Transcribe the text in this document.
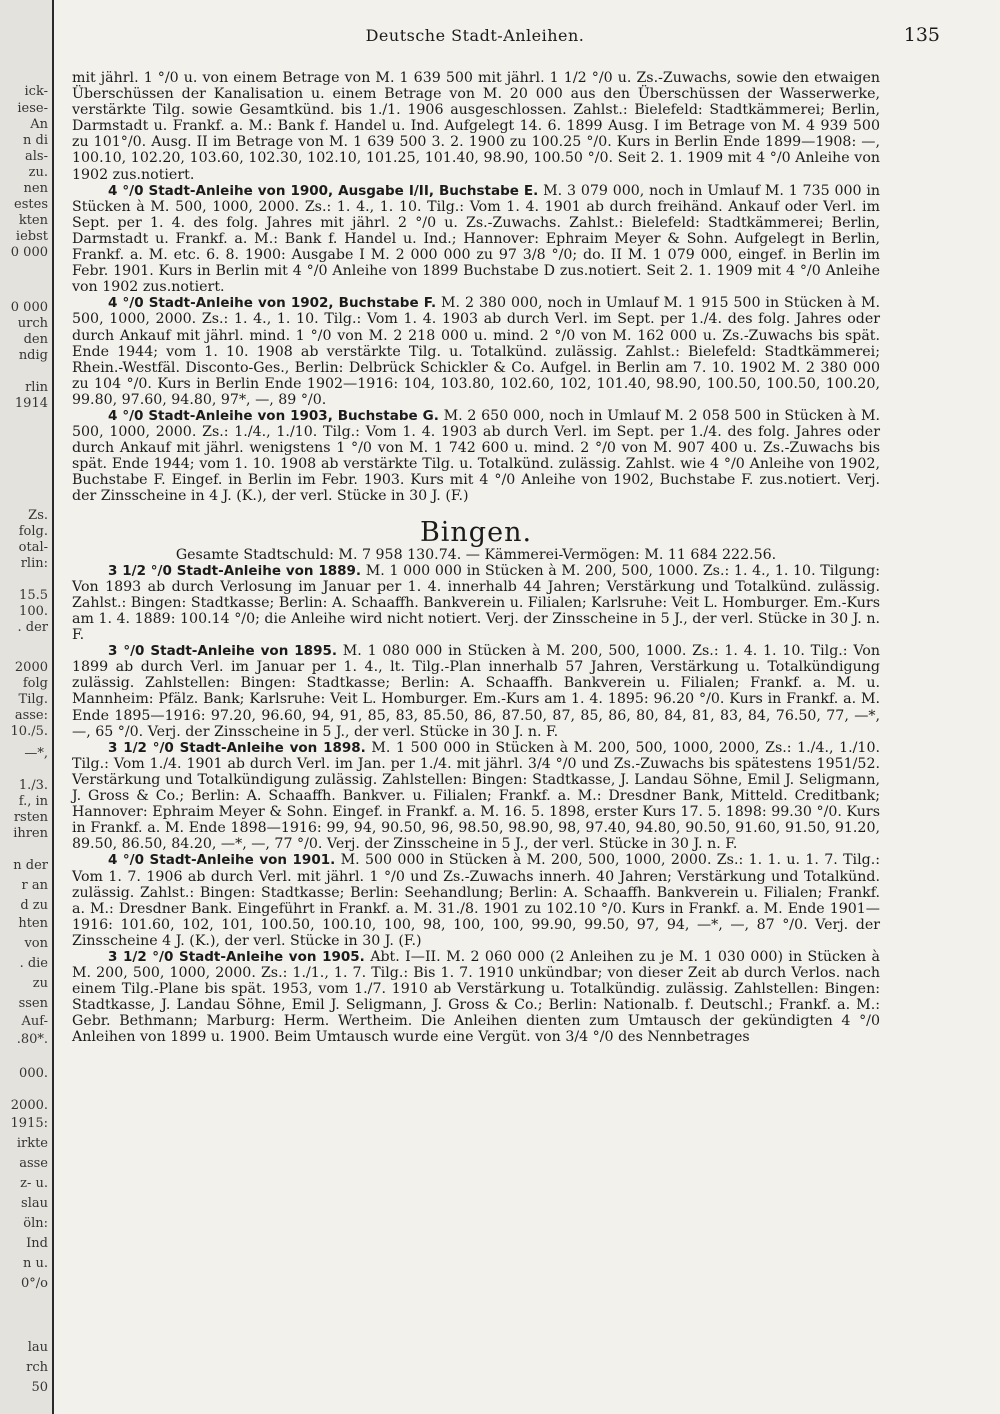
ick-
iese-
An
n di
als-
zu.
nen
estes
kten
iebst
0 000
0 000
urch
den
ndig
rlin
1914
Zs.
folg.
otal-
rlin:
15.5
100.
. der
2000
folg
Tilg.
asse:
10./5.
—*,
1./3.
f., in
rsten
ihren
n der
r an
d zu
hten
von
. die
zu
ssen
Auf-
.80*.
000.
2000.
1915:
irkte
asse
z- u.
slau
öln:
Ind
n u.
0°/o
lau
rch
50
Deutsche Stadt-Anleihen.	135

mit jährl. 1 °/0 u. von einem Betrage von M. 1 639 500 mit jährl. 1 1/2 °/0 u. Zs.-Zuwachs, sowie den etwaigen Überschüssen der Kanalisation u. einem Betrage von M. 20 000 aus den Überschüssen der Wasserwerke, verstärkte Tilg. sowie Gesamtkünd. bis 1./1. 1906 ausgeschlossen. Zahlst.: Bielefeld: Stadtkämmerei; Berlin, Darmstadt u. Frankf. a. M.: Bank f. Handel u. Ind. Aufgelegt 14. 6. 1899 Ausg. I im Betrage von M. 4 939 500 zu 101°/0. Ausg. II im Betrage von M. 1 639 500 3. 2. 1900 zu 100.25 °/0. Kurs in Berlin Ende 1899—1908: —, 100.10, 102.20, 103.60, 102.30, 102.10, 101.25, 101.40, 98.90, 100.50 °/0. Seit 2. 1. 1909 mit 4 °/0 Anleihe von 1902 zus.notiert.

4 °/0 Stadt-Anleihe von 1900, Ausgabe I/II, Buchstabe E. M. 3 079 000, noch in Umlauf M. 1 735 000 in Stücken à M. 500, 1000, 2000. Zs.: 1. 4., 1. 10. Tilg.: Vom 1. 4. 1901 ab durch freihänd. Ankauf oder Verl. im Sept. per 1. 4. des folg. Jahres mit jährl. 2 °/0 u. Zs.-Zuwachs. Zahlst.: Bielefeld: Stadtkämmerei; Berlin, Darmstadt u. Frankf. a. M.: Bank f. Handel u. Ind.; Hannover: Ephraim Meyer & Sohn. Aufgelegt in Berlin, Frankf. a. M. etc. 6. 8. 1900: Ausgabe I M. 2 000 000 zu 97 3/8 °/0; do. II M. 1 079 000, eingef. in Berlin im Febr. 1901. Kurs in Berlin mit 4 °/0 Anleihe von 1899 Buchstabe D zus.notiert. Seit 2. 1. 1909 mit 4 °/0 Anleihe von 1902 zus.notiert.

4 °/0 Stadt-Anleihe von 1902, Buchstabe F. M. 2 380 000, noch in Umlauf M. 1 915 500 in Stücken à M. 500, 1000, 2000. Zs.: 1. 4., 1. 10. Tilg.: Vom 1. 4. 1903 ab durch Verl. im Sept. per 1./4. des folg. Jahres oder durch Ankauf mit jährl. mind. 1 °/0 von M. 2 218 000 u. mind. 2 °/0 von M. 162 000 u. Zs.-Zuwachs bis spät. Ende 1944; vom 1. 10. 1908 ab verstärkte Tilg. u. Totalkünd. zulässig. Zahlst.: Bielefeld: Stadtkämmerei; Rhein.-Westfäl. Disconto-Ges., Berlin: Delbrück Schickler & Co. Aufgel. in Berlin am 7. 10. 1902 M. 2 380 000 zu 104 °/0. Kurs in Berlin Ende 1902—1916: 104, 103.80, 102.60, 102, 101.40, 98.90, 100.50, 100.50, 100.20, 99.80, 97.60, 94.80, 97*, —, 89 °/0.

4 °/0 Stadt-Anleihe von 1903, Buchstabe G. M. 2 650 000, noch in Umlauf M. 2 058 500 in Stücken à M. 500, 1000, 2000. Zs.: 1./4., 1./10. Tilg.: Vom 1. 4. 1903 ab durch Verl. im Sept. per 1./4. des folg. Jahres oder durch Ankauf mit jährl. wenigstens 1 °/0 von M. 1 742 600 u. mind. 2 °/0 von M. 907 400 u. Zs.-Zuwachs bis spät. Ende 1944; vom 1. 10. 1908 ab verstärkte Tilg. u. Totalkünd. zulässig. Zahlst. wie 4 °/0 Anleihe von 1902, Buchstabe F. Eingef. in Berlin im Febr. 1903. Kurs mit 4 °/0 Anleihe von 1902, Buchstabe F. zus.notiert. Verj. der Zinsscheine in 4 J. (K.), der verl. Stücke in 30 J. (F.)

Bingen.

Gesamte Stadtschuld: M. 7 958 130.74. — Kämmerei-Vermögen: M. 11 684 222.56.

3 1/2 °/0 Stadt-Anleihe von 1889. M. 1 000 000 in Stücken à M. 200, 500, 1000. Zs.: 1. 4., 1. 10. Tilgung: Von 1893 ab durch Verlosung im Januar per 1. 4. innerhalb 44 Jahren; Verstärkung und Totalkünd. zulässig. Zahlst.: Bingen: Stadtkasse; Berlin: A. Schaaffh. Bankverein u. Filialen; Karlsruhe: Veit L. Homburger. Em.-Kurs am 1. 4. 1889: 100.14 °/0; die Anleihe wird nicht notiert. Verj. der Zinsscheine in 5 J., der verl. Stücke in 30 J. n. F.

3 °/0 Stadt-Anleihe von 1895. M. 1 080 000 in Stücken à M. 200, 500, 1000. Zs.: 1. 4. 1. 10. Tilg.: Von 1899 ab durch Verl. im Januar per 1. 4., lt. Tilg.-Plan innerhalb 57 Jahren, Verstärkung u. Totalkündigung zulässig. Zahlstellen: Bingen: Stadtkasse; Berlin: A. Schaaffh. Bankverein u. Filialen; Frankf. a. M. u. Mannheim: Pfälz. Bank; Karlsruhe: Veit L. Homburger. Em.-Kurs am 1. 4. 1895: 96.20 °/0. Kurs in Frankf. a. M. Ende 1895—1916: 97.20, 96.60, 94, 91, 85, 83, 85.50, 86, 87.50, 87, 85, 86, 80, 84, 81, 83, 84, 76.50, 77, —*, —, 65 °/0. Verj. der Zinsscheine in 5 J., der verl. Stücke in 30 J. n. F.

3 1/2 °/0 Stadt-Anleihe von 1898. M. 1 500 000 in Stücken à M. 200, 500, 1000, 2000, Zs.: 1./4., 1./10. Tilg.: Vom 1./4. 1901 ab durch Verl. im Jan. per 1./4. mit jährl. 3/4 °/0 und Zs.-Zuwachs bis spätestens 1951/52. Verstärkung und Totalkündigung zulässig. Zahlstellen: Bingen: Stadtkasse, J. Landau Söhne, Emil J. Seligmann, J. Gross & Co.; Berlin: A. Schaaffh. Bankver. u. Filialen; Frankf. a. M.: Dresdner Bank, Mitteld. Creditbank; Hannover: Ephraim Meyer & Sohn. Eingef. in Frankf. a. M. 16. 5. 1898, erster Kurs 17. 5. 1898: 99.30 °/0. Kurs in Frankf. a. M. Ende 1898—1916: 99, 94, 90.50, 96, 98.50, 98.90, 98, 97.40, 94.80, 90.50, 91.60, 91.50, 91.20, 89.50, 86.50, 84.20, —*, —, 77 °/0. Verj. der Zinsscheine in 5 J., der verl. Stücke in 30 J. n. F.

4 °/0 Stadt-Anleihe von 1901. M. 500 000 in Stücken à M. 200, 500, 1000, 2000. Zs.: 1. 1. u. 1. 7. Tilg.: Vom 1. 7. 1906 ab durch Verl. mit jährl. 1 °/0 und Zs.-Zuwachs innerh. 40 Jahren; Verstärkung und Totalkünd. zulässig. Zahlst.: Bingen: Stadtkasse; Berlin: Seehandlung; Berlin: A. Schaaffh. Bankverein u. Filialen; Frankf. a. M.: Dresdner Bank. Eingeführt in Frankf. a. M. 31./8. 1901 zu 102.10 °/0. Kurs in Frankf. a. M. Ende 1901—1916: 101.60, 102, 101, 100.50, 100.10, 100, 98, 100, 100, 99.90, 99.50, 97, 94, —*, —, 87 °/0. Verj. der Zinsscheine 4 J. (K.), der verl. Stücke in 30 J. (F.)

3 1/2 °/0 Stadt-Anleihe von 1905. Abt. I—II. M. 2 060 000 (2 Anleihen zu je M. 1 030 000) in Stücken à M. 200, 500, 1000, 2000. Zs.: 1./1., 1. 7. Tilg.: Bis 1. 7. 1910 unkündbar; von dieser Zeit ab durch Verlos. nach einem Tilg.-Plane bis spät. 1953, vom 1./7. 1910 ab Verstärkung u. Totalkündig. zulässig. Zahlstellen: Bingen: Stadtkasse, J. Landau Söhne, Emil J. Seligmann, J. Gross & Co.; Berlin: Nationalb. f. Deutschl.; Frankf. a. M.: Gebr. Bethmann; Marburg: Herm. Wertheim. Die Anleihen dienten zum Umtausch der gekündigten 4 °/0 Anleihen von 1899 u. 1900. Beim Umtausch wurde eine Vergüt. von 3/4 °/0 des Nennbetrages
